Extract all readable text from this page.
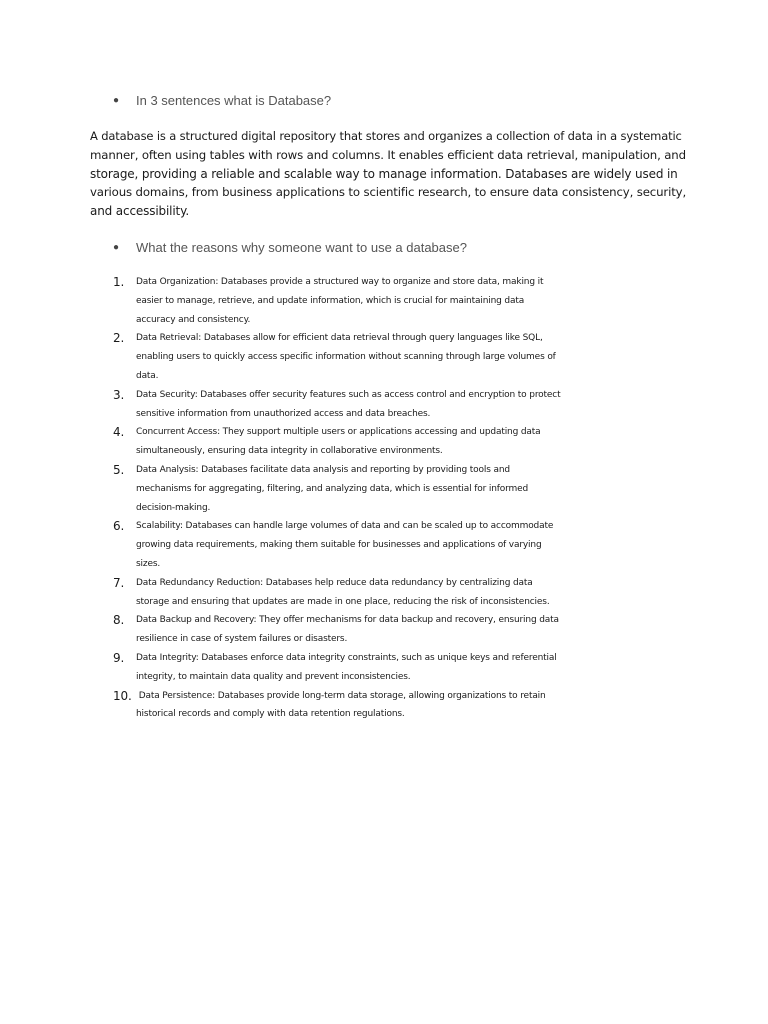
● In 3 sentences what is Database?
A database is a structured digital repository that stores and organizes a collection of data in a systematic
manner, often using tables with rows and columns. It enables efficient data retrieval, manipulation, and
storage, providing a reliable and scalable way to manage information. Databases are widely used in
various domains, from business applications to scientific research, to ensure data consistency, security,
and accessibility.
● What the reasons why someone want to use a database?
1. Data Organization: Databases provide a structured way to organize and store data, making it
easier to manage, retrieve, and update information, which is crucial for maintaining data
accuracy and consistency.
2. Data Retrieval: Databases allow for efficient data retrieval through query languages like SQL,
enabling users to quickly access specific information without scanning through large volumes of
data.
3. Data Security: Databases offer security features such as access control and encryption to protect
sensitive information from unauthorized access and data breaches.
4. Concurrent Access: They support multiple users or applications accessing and updating data
simultaneously, ensuring data integrity in collaborative environments.
5. Data Analysis: Databases facilitate data analysis and reporting by providing tools and
mechanisms for aggregating, filtering, and analyzing data, which is essential for informed
decision-making.
6. Scalability: Databases can handle large volumes of data and can be scaled up to accommodate
growing data requirements, making them suitable for businesses and applications of varying
sizes.
7. Data Redundancy Reduction: Databases help reduce data redundancy by centralizing data
storage and ensuring that updates are made in one place, reducing the risk of inconsistencies.
8. Data Backup and Recovery: They offer mechanisms for data backup and recovery, ensuring data
resilience in case of system failures or disasters.
9. Data Integrity: Databases enforce data integrity constraints, such as unique keys and referential
integrity, to maintain data quality and prevent inconsistencies.
10. Data Persistence: Databases provide long-term data storage, allowing organizations to retain
historical records and comply with data retention regulations.
